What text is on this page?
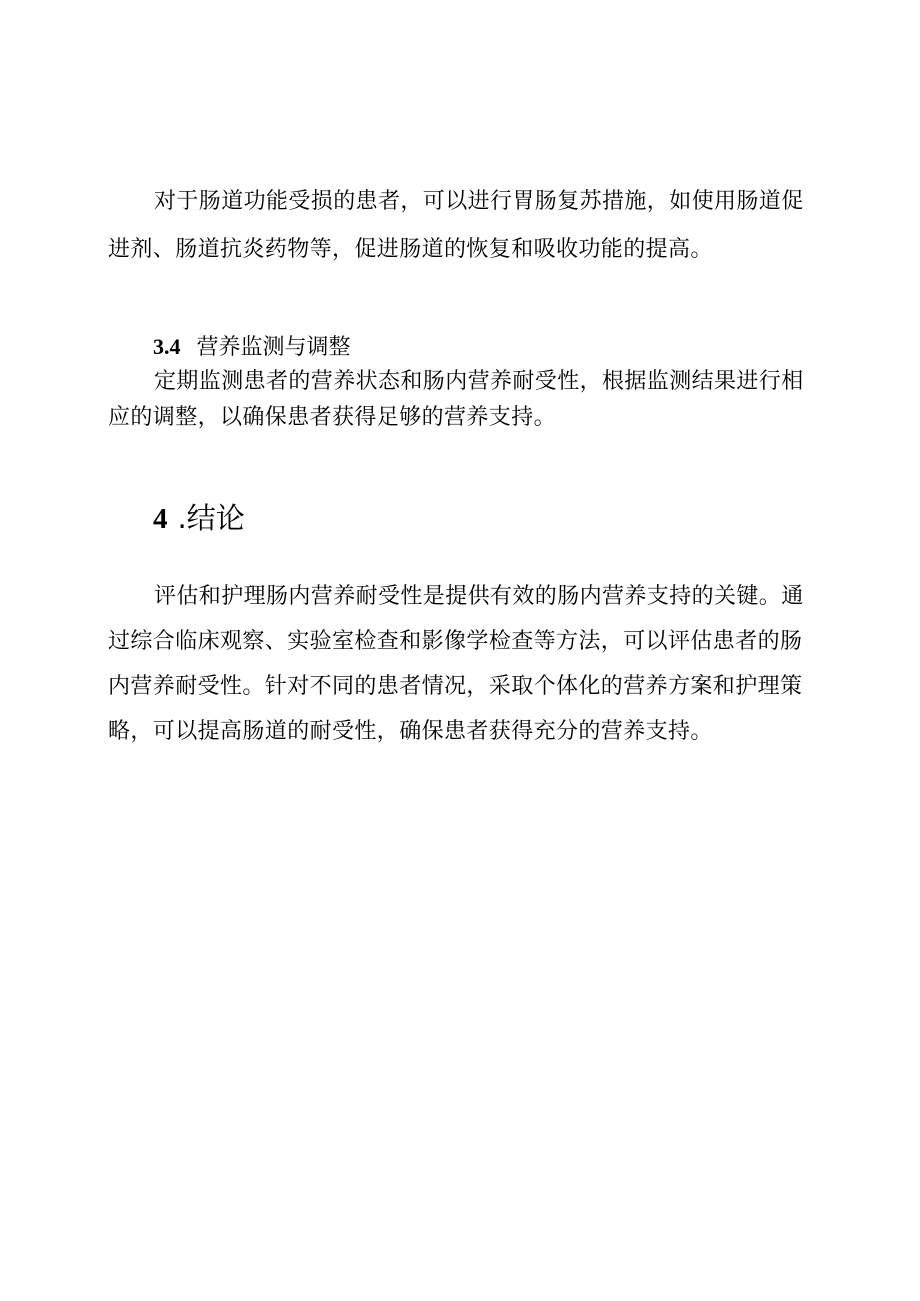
对于肠道功能受损的患者，可以进行胃肠复苏措施，如使用肠道促进剂、肠道抗炎药物等，促进肠道的恢复和吸收功能的提高。

3.4 营养监测与调整

定期监测患者的营养状态和肠内营养耐受性，根据监测结果进行相应的调整，以确保患者获得足够的营养支持。

4 .结论

评估和护理肠内营养耐受性是提供有效的肠内营养支持的关键。通过综合临床观察、实验室检查和影像学检查等方法，可以评估患者的肠内营养耐受性。针对不同的患者情况，采取个体化的营养方案和护理策略，可以提高肠道的耐受性，确保患者获得充分的营养支持。
